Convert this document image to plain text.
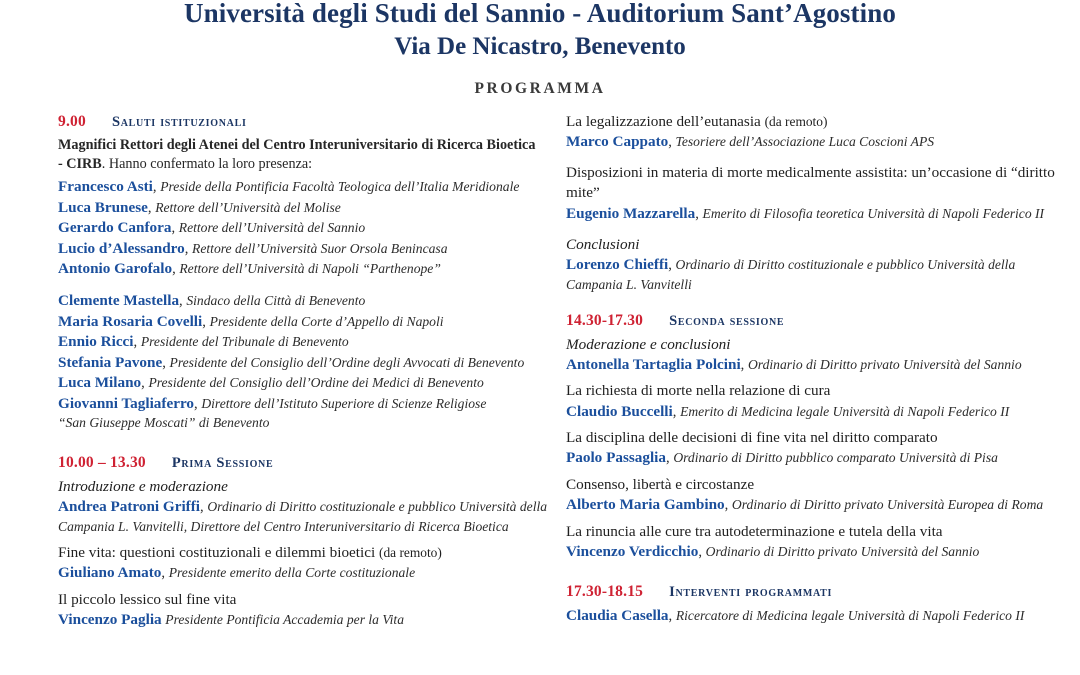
Università degli Studi del Sannio - Auditorium Sant’Agostino
Via De Nicastro, Benevento
PROGRAMMA
9.00 Saluti istituzionali
Magnifici Rettori degli Atenei del Centro Interuniversitario di Ricerca Bioetica
- CIRB. Hanno confermato la loro presenza:
Francesco Asti, Preside della Pontificia Facoltà Teologica dell’Italia Meridionale
Luca Brunese, Rettore dell’Università del Molise
Gerardo Canfora, Rettore dell’Università del Sannio
Lucio d’Alessandro, Rettore dell’Università Suor Orsola Benincasa
Antonio Garofalo, Rettore dell’Università di Napoli “Parthenope”
Clemente Mastella, Sindaco della Città di Benevento
Maria Rosaria Covelli, Presidente della Corte d’Appello di Napoli
Ennio Ricci, Presidente del Tribunale di Benevento
Stefania Pavone, Presidente del Consiglio dell’Ordine degli Avvocati di Benevento
Luca Milano, Presidente del Consiglio dell’Ordine dei Medici di Benevento
Giovanni Tagliaferro, Direttore dell’Istituto Superiore di Scienze Religiose
“San Giuseppe Moscati” di Benevento
10.00 – 13.30 Prima Sessione
Introduzione e moderazione
Andrea Patroni Griffi, Ordinario di Diritto costituzionale e pubblico Università della Campania L. Vanvitelli, Direttore del Centro Interuniversitario di Ricerca Bioetica
Fine vita: questioni costituzionali e dilemmi bioetici (da remoto)
Giuliano Amato, Presidente emerito della Corte costituzionale
Il piccolo lessico sul fine vita
Vincenzo Paglia Presidente Pontificia Accademia per la Vita
La legalizzazione dell’eutanasia (da remoto)
Marco Cappato, Tesoriere dell’Associazione Luca Coscioni APS
Disposizioni in materia di morte medicalmente assistita: un’occasione di “diritto mite”
Eugenio Mazzarella, Emerito di Filosofia teoretica Università di Napoli Federico II
Conclusioni
Lorenzo Chieffi, Ordinario di Diritto costituzionale e pubblico Università della Campania L. Vanvitelli
14.30-17.30 Seconda sessione
Moderazione e conclusioni
Antonella Tartaglia Polcini, Ordinario di Diritto privato Università del Sannio
La richiesta di morte nella relazione di cura
Claudio Buccelli, Emerito di Medicina legale Università di Napoli Federico II
La disciplina delle decisioni di fine vita nel diritto comparato
Paolo Passaglia, Ordinario di Diritto pubblico comparato Università di Pisa
Consenso, libertà e circostanze
Alberto Maria Gambino, Ordinario di Diritto privato Università Europea di Roma
La rinuncia alle cure tra autodeterminazione e tutela della vita
Vincenzo Verdicchio, Ordinario di Diritto privato Università del Sannio
17.30-18.15 Interventi programmati
Claudia Casella, Ricercatore di Medicina legale Università di Napoli Federico II
